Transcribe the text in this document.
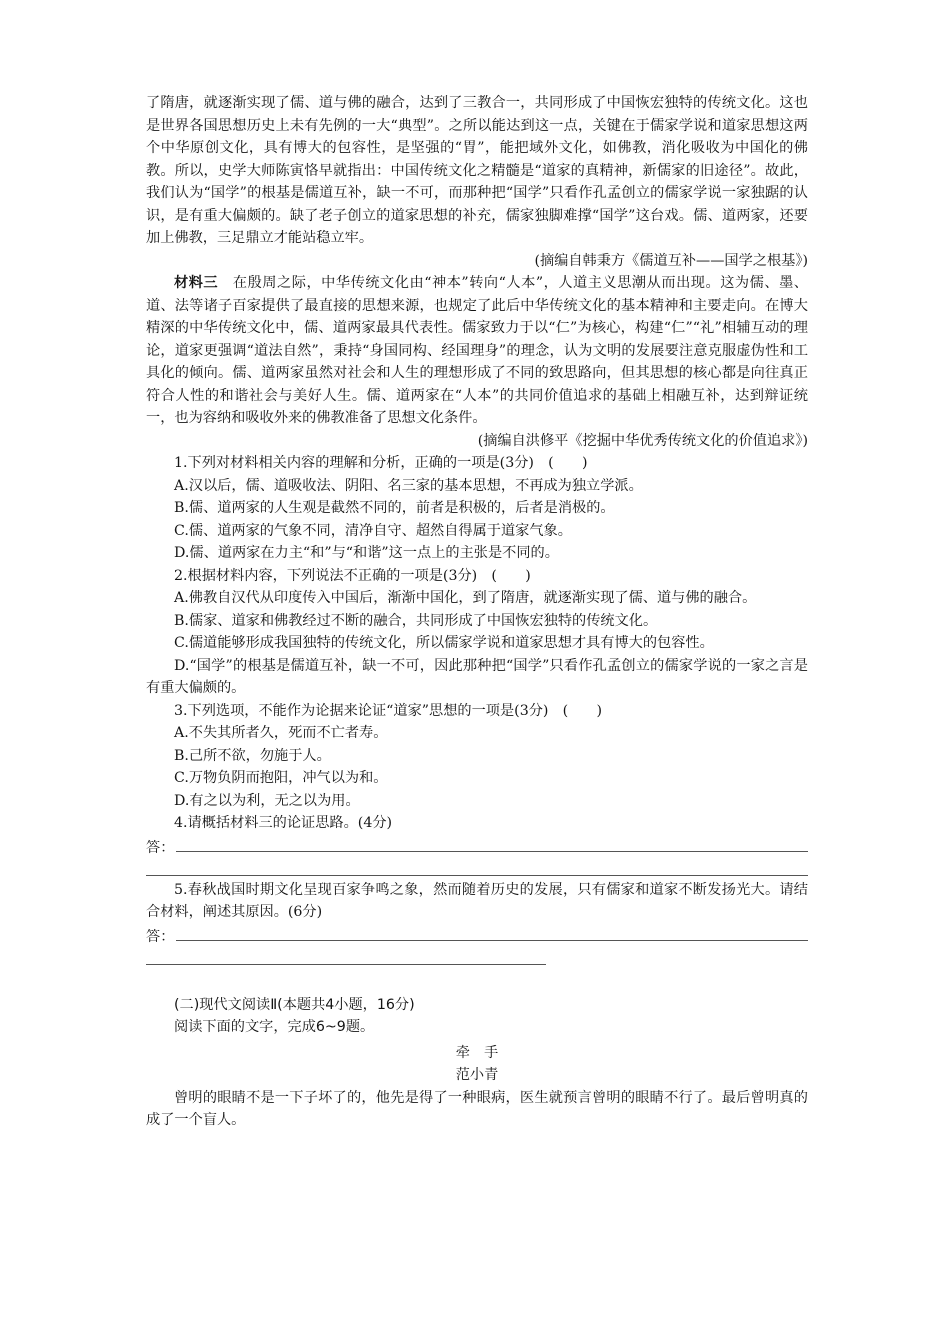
了隋唐，就逐渐实现了儒、道与佛的融合，达到了三教合一，共同形成了中国恢宏独特的传统文化。这也是世界各国思想历史上未有先例的一大“典型”。之所以能达到这一点，关键在于儒家学说和道家思想这两个中华原创文化，具有博大的包容性，是坚强的“胃”，能把域外文化，如佛教，消化吸收为中国化的佛教。所以，史学大师陈寅恪早就指出：中国传统文化之精髓是“道家的真精神，新儒家的旧途径”。故此，我们认为“国学”的根基是儒道互补，缺一不可，而那种把“国学”只看作孔孟创立的儒家学说一家独踞的认识，是有重大偏颇的。缺了老子创立的道家思想的补充，儒家独脚难撑“国学”这台戏。儒、道两家，还要加上佛教，三足鼎立才能站稳立牢。

(摘编自韩秉方《儒道互补——国学之根基》)

材料三　在殷周之际，中华传统文化由“神本”转向“人本”，人道主义思潮从而出现。这为儒、墨、道、法等诸子百家提供了最直接的思想来源，也规定了此后中华传统文化的基本精神和主要走向。在博大精深的中华传统文化中，儒、道两家最具代表性。儒家致力于以“仁”为核心，构建“仁”“礼”相辅互动的理论，道家更强调“道法自然”，秉持“身国同构、经国理身”的理念，认为文明的发展要注意克服虚伪性和工具化的倾向。儒、道两家虽然对社会和人生的理想形成了不同的致思路向，但其思想的核心都是向往真正符合人性的和谐社会与美好人生。儒、道两家在“人本”的共同价值追求的基础上相融互补，达到辩证统一，也为容纳和吸收外来的佛教准备了思想文化条件。

(摘编自洪修平《挖掘中华优秀传统文化的价值追求》)

1.下列对材料相关内容的理解和分析，正确的一项是(3分)　(　　)

A.汉以后，儒、道吸收法、阴阳、名三家的基本思想，不再成为独立学派。

B.儒、道两家的人生观是截然不同的，前者是积极的，后者是消极的。

C.儒、道两家的气象不同，清净自守、超然自得属于道家气象。

D.儒、道两家在力主“和”与“和谐”这一点上的主张是不同的。

2.根据材料内容，下列说法不正确的一项是(3分)　(　　)

A.佛教自汉代从印度传入中国后，渐渐中国化，到了隋唐，就逐渐实现了儒、道与佛的融合。

B.儒家、道家和佛教经过不断的融合，共同形成了中国恢宏独特的传统文化。

C.儒道能够形成我国独特的传统文化，所以儒家学说和道家思想才具有博大的包容性。

D.“国学”的根基是儒道互补，缺一不可，因此那种把“国学”只看作孔孟创立的儒家学说的一家之言是有重大偏颇的。

3.下列选项，不能作为论据来论证“道家”思想的一项是(3分)　(　　)

A.不失其所者久，死而不亡者寿。

B.己所不欲，勿施于人。

C.万物负阴而抱阳，冲气以为和。

D.有之以为利，无之以为用。

4.请概括材料三的论证思路。(4分)

答：

5.春秋战国时期文化呈现百家争鸣之象，然而随着历史的发展，只有儒家和道家不断发扬光大。请结合材料，阐述其原因。(6分)

答：

(二)现代文阅读Ⅱ(本题共4小题，16分)

阅读下面的文字，完成6~9题。

牵　手

范小青

曾明的眼睛不是一下子坏了的，他先是得了一种眼病，医生就预言曾明的眼睛不行了。最后曾明真的成了一个盲人。
